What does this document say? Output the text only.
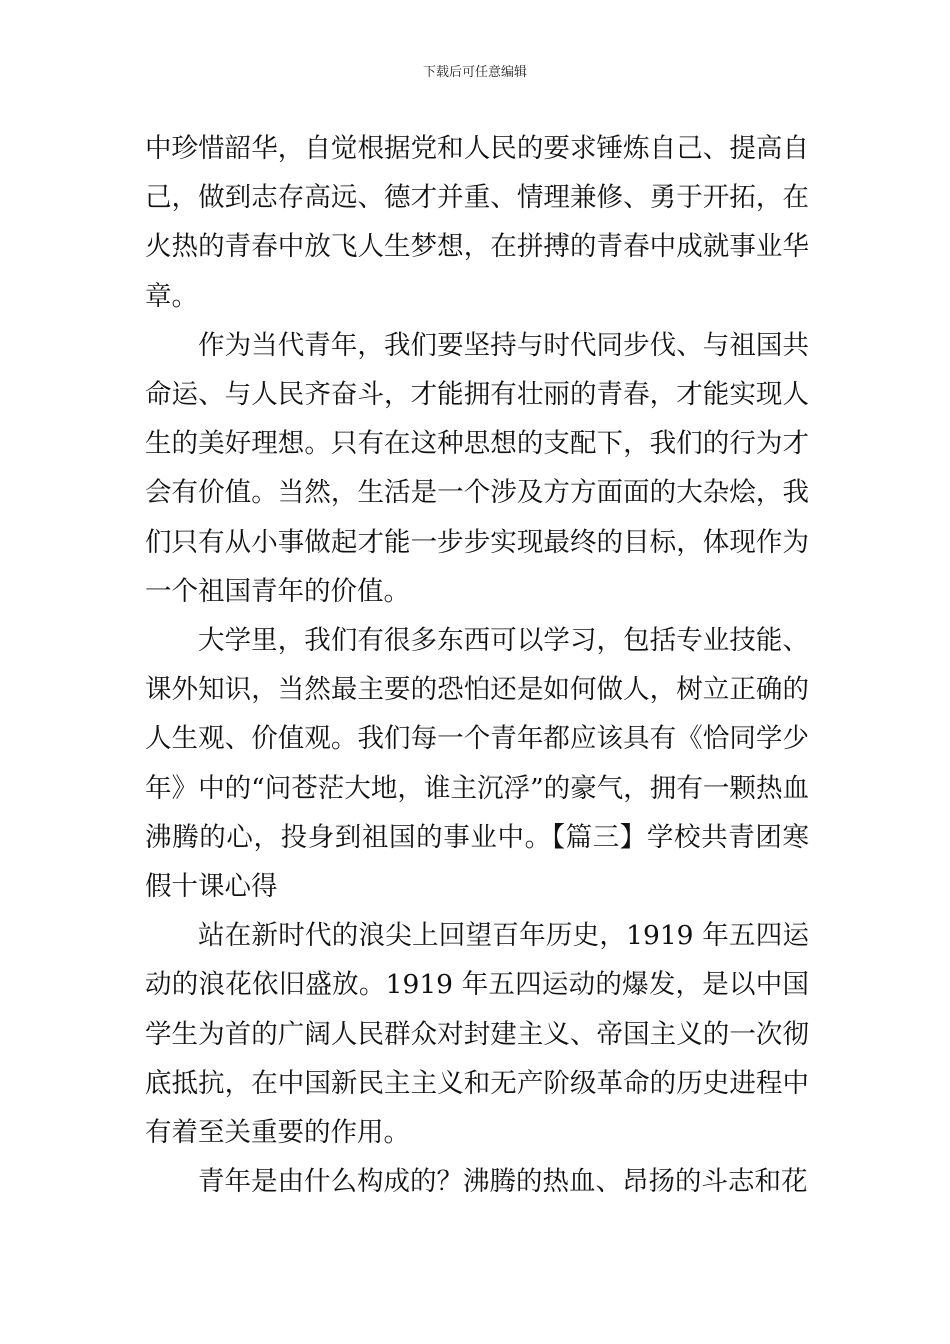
下载后可任意编辑

中珍惜韶华，自觉根据党和人民的要求锤炼自己、提高自己，做到志存高远、德才并重、情理兼修、勇于开拓，在火热的青春中放飞人生梦想，在拼搏的青春中成就事业华章。

作为当代青年，我们要坚持与时代同步伐、与祖国共命运、与人民齐奋斗，才能拥有壮丽的青春，才能实现人生的美好理想。只有在这种思想的支配下，我们的行为才会有价值。当然，生活是一个涉及方方面面的大杂烩，我们只有从小事做起才能一步步实现最终的目标，体现作为一个祖国青年的价值。

大学里，我们有很多东西可以学习，包括专业技能、课外知识，当然最主要的恐怕还是如何做人，树立正确的人生观、价值观。我们每一个青年都应该具有《恰同学少年》中的“问苍茫大地，谁主沉浮”的豪气，拥有一颗热血沸腾的心，投身到祖国的事业中。【篇三】学校共青团寒假十课心得

站在新时代的浪尖上回望百年历史，1919 年五四运动的浪花依旧盛放。1919 年五四运动的爆发，是以中国学生为首的广阔人民群众对封建主义、帝国主义的一次彻底抵抗，在中国新民主主义和无产阶级革命的历史进程中有着至关重要的作用。

青年是由什么构成的？沸腾的热血、昂扬的斗志和花
